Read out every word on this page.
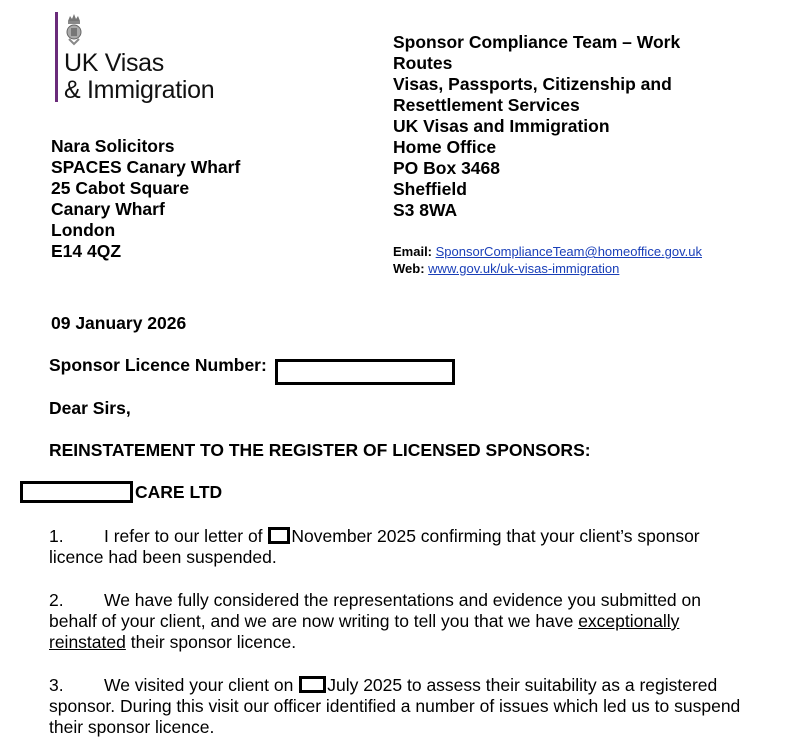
UK Visas
& Immigration
Sponsor Compliance Team – Work
Routes
Visas, Passports, Citizenship and
Resettlement Services
UK Visas and Immigration
Home Office
PO Box 3468
Sheffield
S3 8WA
Nara Solicitors
SPACES Canary Wharf
25 Cabot Square
Canary Wharf
London
E14 4QZ	Email: SponsorComplianceTeam@homeoffice.gov.uk
Web: www.gov.uk/uk-visas-immigration
09 January 2026
Sponsor Licence Number:
Dear Sirs,
REINSTATEMENT TO THE REGISTER OF LICENSED SPONSORS:
CARE LTD
1. I refer to our letter of November 2025 confirming that your client’s sponsor licence had been suspended.
2. We have fully considered the representations and evidence you submitted on behalf of your client, and we are now writing to tell you that we have exceptionally reinstated their sponsor licence.
3. We visited your client on July 2025 to assess their suitability as a registered sponsor. During this visit our officer identified a number of issues which led us to suspend their sponsor licence.
